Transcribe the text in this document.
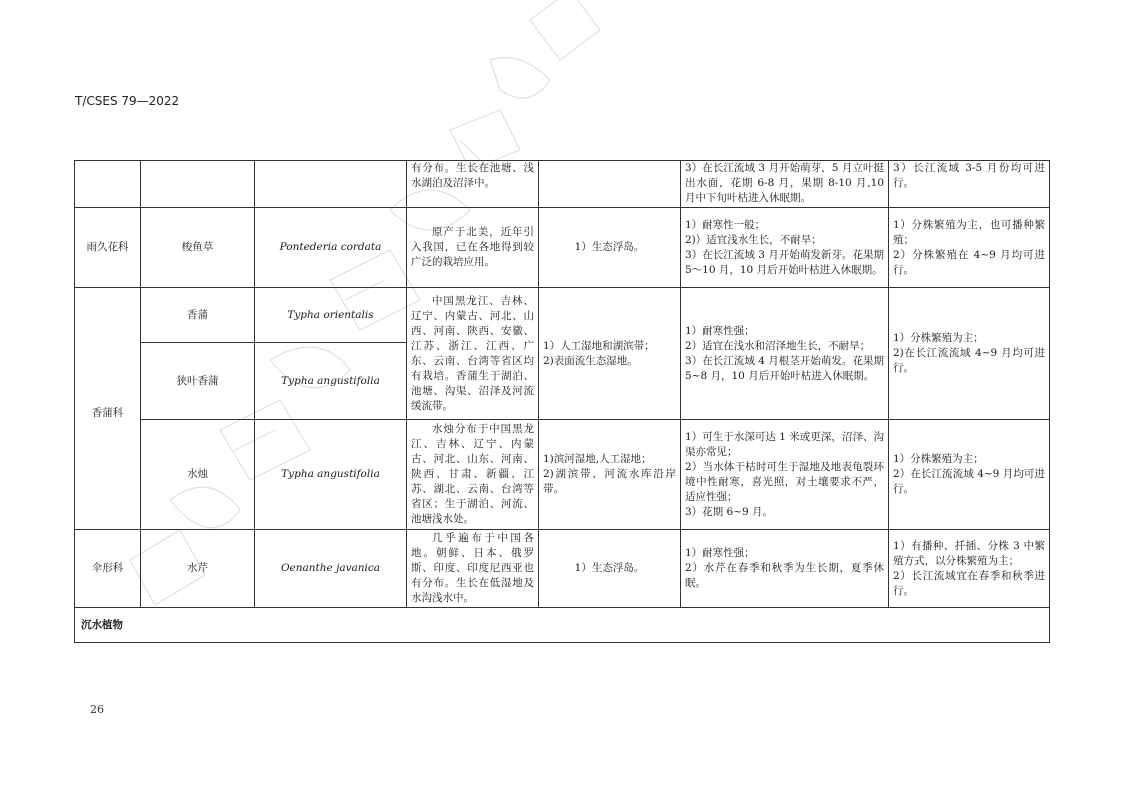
T/CSES 79—2022
			有分布。生长在池塘、浅水湖泊及沼泽中。		3）在长江流域 3 月开始萌芽，5 月立叶挺出水面，花期 6-8 月，果期 8-10 月,10 月中下旬叶枯进入休眠期。	3）长江流域 3-5 月份均可进行。
雨久花科	梭鱼草	Pontederia cordata	原产于北美，近年引入我国，已在各地得到较广泛的栽培应用。	1）生态浮岛。	1）耐寒性一般；
2)）适宜浅水生长，不耐旱；
3）在长江流域 3 月开始萌发新芽。花果期 5～10 月，10 月后开始叶枯进入休眠期。	1）分株繁殖为主，也可播种繁殖；
2）分株繁殖在 4~9 月均可进行。

香蒲科	香蒲	Typha orientalis	中国黑龙江、吉林、辽宁、内蒙古、河北、山西、河南、陕西、安徽、江苏、浙江、江西、广东、云南、台湾等省区均有栽培。香蒲生于湖泊、池塘、沟渠、沼泽及河流缓流带。	1）人工湿地和湖滨带；
2)表面流生态湿地。	1）耐寒性强；
2）适宜在浅水和沼泽地生长，不耐旱；
3）在长江流域 4 月根茎开始萌发。花果期 5~8 月，10 月后开始叶枯进入休眠期。	1）分株繁殖为主；
2)在长江流流域 4~9 月均可进行。

	狭叶香蒲	Typha angustifolia				
	水烛	Typha angustifolia	水烛分布于中国黑龙江、吉林、辽宁、内蒙古、河北、山东、河南、陕西、甘肃、新疆、江苏、湖北、云南、台湾等省区；生于湖泊、河流、池塘浅水处。	1)滨河湿地,人工湿地；
2)湖滨带、河流水库沿岸带。	1）可生于水深可达 1 米或更深，沼泽、沟渠亦常见；
2）当水体干枯时可生于湿地及地表龟裂环境中性耐寒，喜光照，对土壤要求不严，适应性强；
3）花期 6~9 月。	1）分株繁殖为主；
2）在长江流流域 4~9 月均可进行。

伞形科	水芹	Oenanthe javanica	几乎遍布于中国各地。朝鲜、日本、俄罗斯、印度、印度尼西亚也有分布。生长在低湿地及水沟浅水中。	1）生态浮岛。	1）耐寒性强；
2）水芹在春季和秋季为生长期，夏季休眠。	1）有播种、扦插、分株 3 中繁殖方式，以分株繁殖为主；
2）长江流域宜在春季和秋季进行。

沉水植物						
26
